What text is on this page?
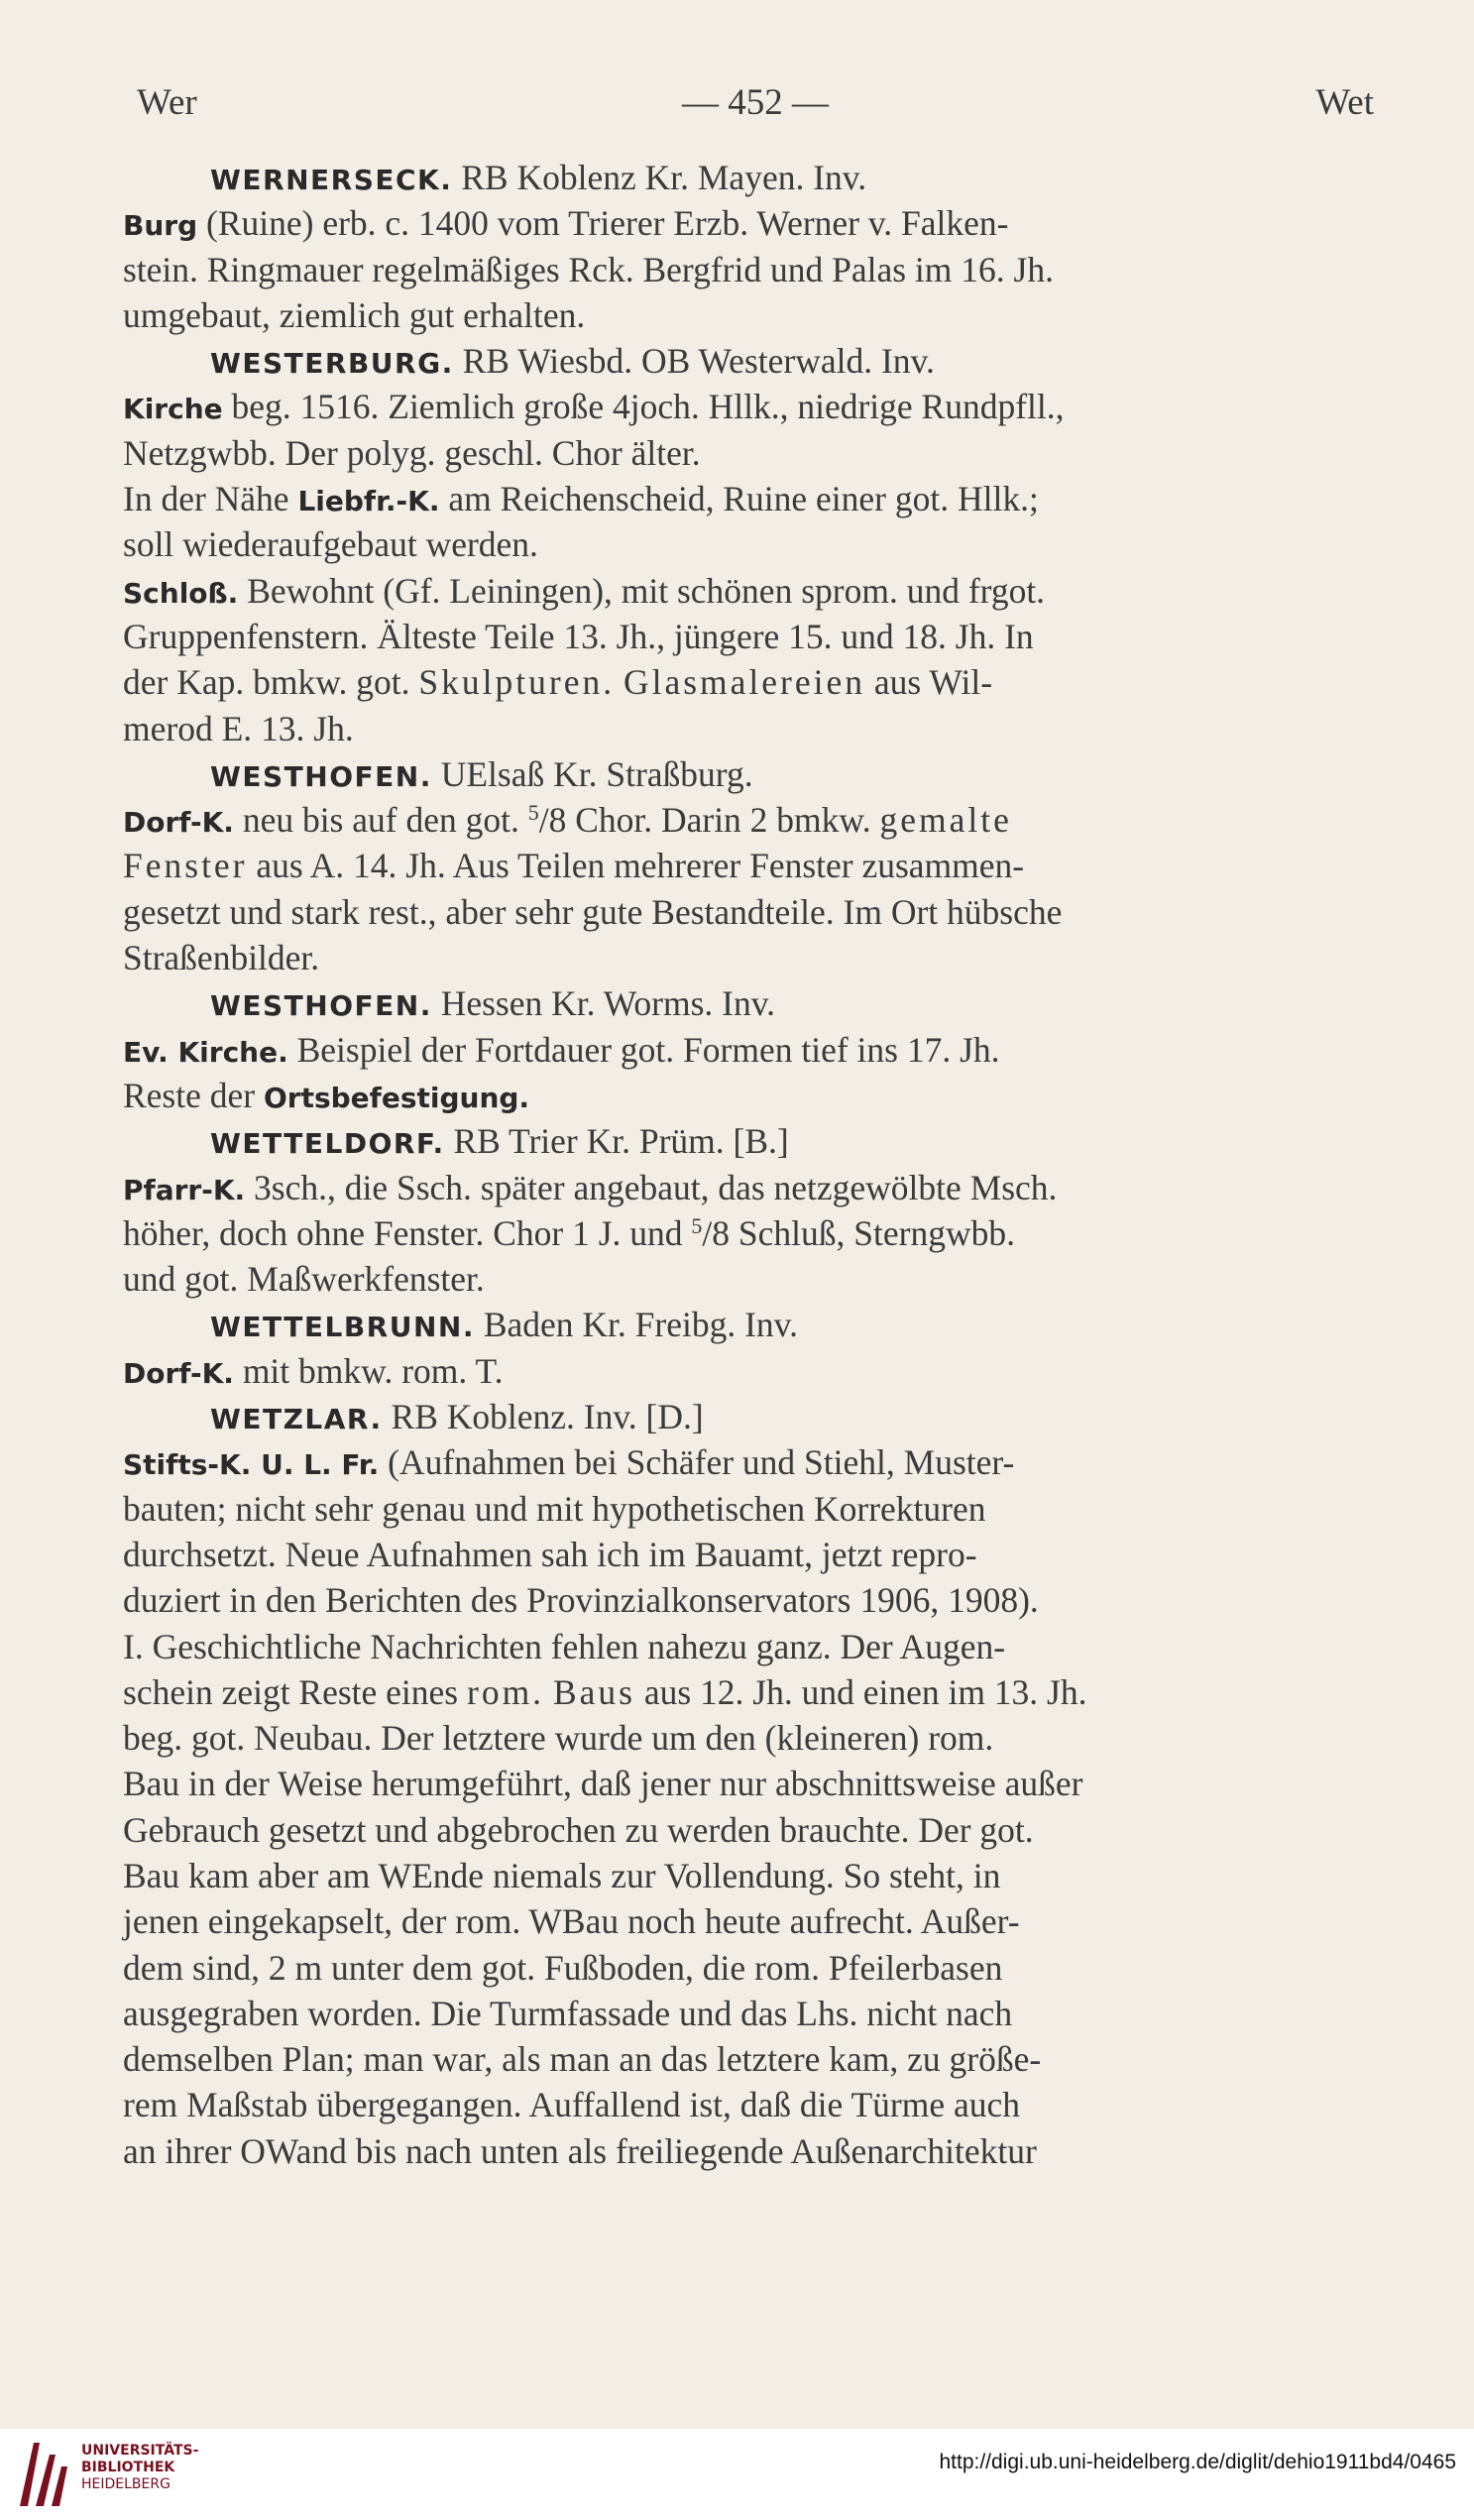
Wer	— 452 —	Wet
WERNERSECK. RB Koblenz Kr. Mayen. Inv.
Burg (Ruine) erb. c. 1400 vom Trierer Erzb. Werner v. Falken-
stein. Ringmauer regelmäßiges Rck. Bergfrid und Palas im 16. Jh.
umgebaut, ziemlich gut erhalten.
WESTERBURG. RB Wiesbd. OB Westerwald. Inv.
Kirche beg. 1516. Ziemlich große 4joch. Hllk., niedrige Rundpfll.,
Netzgwbb. Der polyg. geschl. Chor älter.
In der Nähe Liebfr.-K. am Reichenscheid, Ruine einer got. Hllk.;
soll wiederaufgebaut werden.
Schloß. Bewohnt (Gf. Leiningen), mit schönen sprom. und frgot.
Gruppenfenstern. Älteste Teile 13. Jh., jüngere 15. und 18. Jh. In
der Kap. bmkw. got. Skulpturen. Glasmalereien aus Wil-
merod E. 13. Jh.
WESTHOFEN. UElsaß Kr. Straßburg.
Dorf-K. neu bis auf den got. $^5$/8 Chor. Darin 2 bmkw. gemalte
Fenster aus A. 14. Jh. Aus Teilen mehrerer Fenster zusammen-
gesetzt und stark rest., aber sehr gute Bestandteile. Im Ort hübsche
Straßenbilder.
WESTHOFEN. Hessen Kr. Worms. Inv.
Ev. Kirche. Beispiel der Fortdauer got. Formen tief ins 17. Jh.
Reste der Ortsbefestigung.
WETTELDORF. RB Trier Kr. Prüm. [B.]
Pfarr-K. 3sch., die Ssch. später angebaut, das netzgewölbte Msch.
höher, doch ohne Fenster. Chor 1 J. und $^5$/8 Schluß, Sterngwbb.
und got. Maßwerkfenster.
WETTELBRUNN. Baden Kr. Freibg. Inv.
Dorf-K. mit bmkw. rom. T.
WETZLAR. RB Koblenz. Inv. [D.]
Stifts-K. U. L. Fr. (Aufnahmen bei Schäfer und Stiehl, Muster-
bauten; nicht sehr genau und mit hypothetischen Korrekturen
durchsetzt. Neue Aufnahmen sah ich im Bauamt, jetzt repro-
duziert in den Berichten des Provinzialkonservators 1906, 1908).
I. Geschichtliche Nachrichten fehlen nahezu ganz. Der Augen-
schein zeigt Reste eines rom. Baus aus 12. Jh. und einen im 13. Jh.
beg. got. Neubau. Der letztere wurde um den (kleineren) rom.
Bau in der Weise herumgeführt, daß jener nur abschnittsweise außer
Gebrauch gesetzt und abgebrochen zu werden brauchte. Der got.
Bau kam aber am WEnde niemals zur Vollendung. So steht, in
jenen eingekapselt, der rom. WBau noch heute aufrecht. Außer-
dem sind, 2 m unter dem got. Fußboden, die rom. Pfeilerbasen
ausgegraben worden. Die Turmfassade und das Lhs. nicht nach
demselben Plan; man war, als man an das letztere kam, zu größe-
rem Maßstab übergegangen. Auffallend ist, daß die Türme auch
an ihrer OWand bis nach unten als freiliegende Außenarchitektur
UNIVERSITÄTS-
BIBLIOTHEK
HEIDELBERG
http://digi.ub.uni-heidelberg.de/diglit/dehio1911bd4/0465
